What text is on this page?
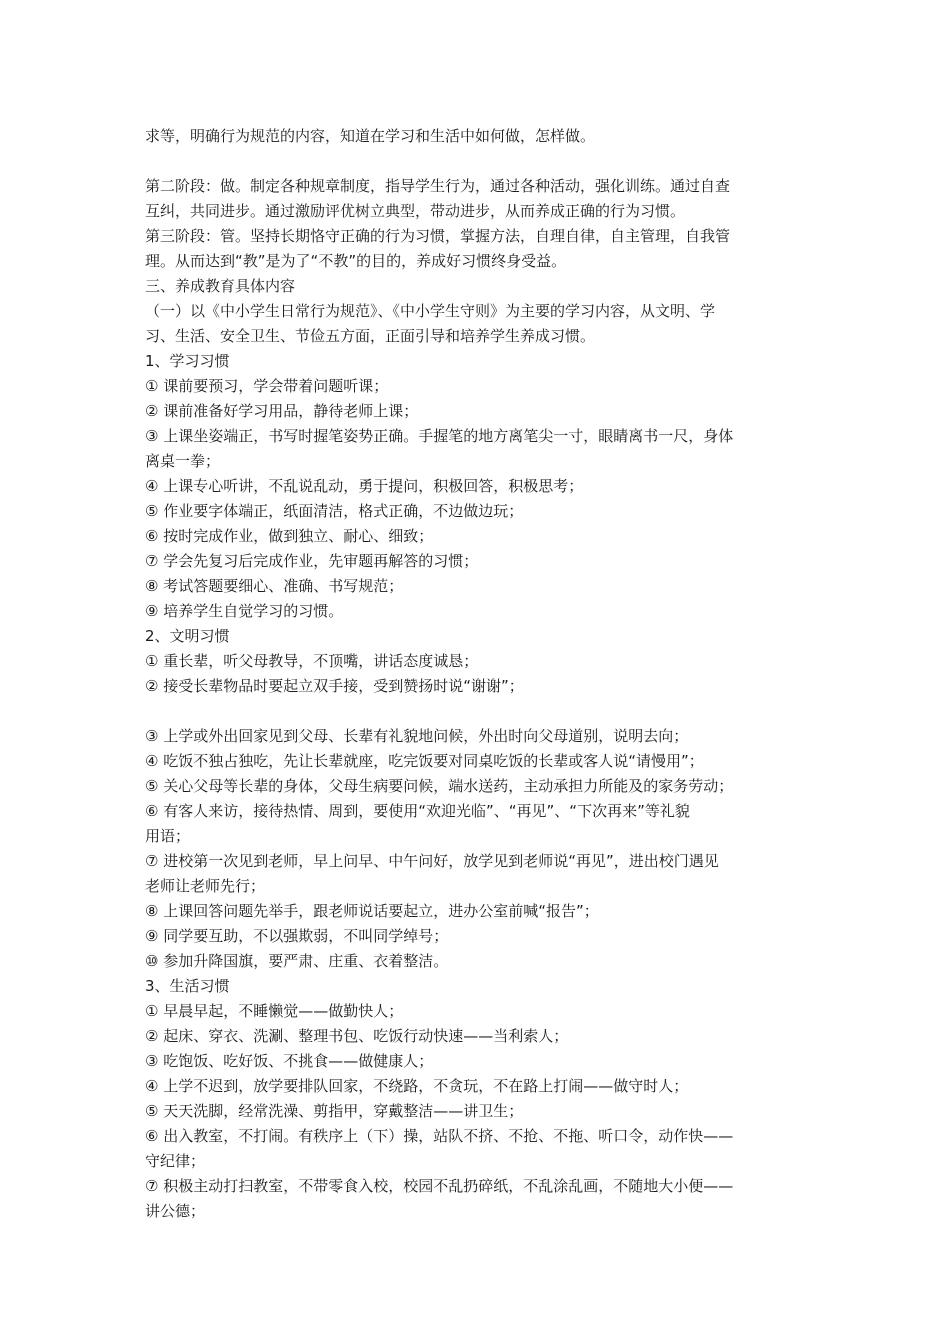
求等，明确行为规范的内容，知道在学习和生活中如何做，怎样做。
第二阶段：做。制定各种规章制度，指导学生行为，通过各种活动，强化训练。通过自查
互纠，共同进步。通过激励评优树立典型，带动进步，从而养成正确的行为习惯。
第三阶段：管。坚持长期恪守正确的行为习惯，掌握方法，自理自律，自主管理，自我管
理。从而达到“教”是为了“不教”的目的，养成好习惯终身受益。
三、养成教育具体内容
（一）以《中小学生日常行为规范》、《中小学生守则》为主要的学习内容，从文明、学
习、生活、安全卫生、节俭五方面，正面引导和培养学生养成习惯。
1、学习习惯
① 课前要预习，学会带着问题听课；
② 课前准备好学习用品，静待老师上课；
③ 上课坐姿端正，书写时握笔姿势正确。手握笔的地方离笔尖一寸，眼睛离书一尺，身体
离桌一拳；
④ 上课专心听讲，不乱说乱动，勇于提问，积极回答，积极思考；
⑤ 作业要字体端正，纸面清洁，格式正确，不边做边玩；
⑥ 按时完成作业，做到独立、耐心、细致；
⑦ 学会先复习后完成作业，先审题再解答的习惯；
⑧ 考试答题要细心、准确、书写规范；
⑨ 培养学生自觉学习的习惯。
2、文明习惯
① 重长辈，听父母教导，不顶嘴，讲话态度诚恳；
② 接受长辈物品时要起立双手接，受到赞扬时说“谢谢”；
③ 上学或外出回家见到父母、长辈有礼貌地问候，外出时向父母道别，说明去向；
④ 吃饭不独占独吃，先让长辈就座，吃完饭要对同桌吃饭的长辈或客人说“请慢用”；
⑤ 关心父母等长辈的身体，父母生病要问候，端水送药，主动承担力所能及的家务劳动；
⑥ 有客人来访，接待热情、周到，要使用“欢迎光临”、“再见”、“下次再来”等礼貌
用语；
⑦ 进校第一次见到老师，早上问早、中午问好，放学见到老师说“再见”，进出校门遇见
老师让老师先行；
⑧ 上课回答问题先举手，跟老师说话要起立，进办公室前喊“报告”；
⑨ 同学要互助，不以强欺弱，不叫同学绰号；
⑩ 参加升降国旗，要严肃、庄重、衣着整洁。
3、生活习惯
① 早晨早起，不睡懒觉——做勤快人；
② 起床、穿衣、洗涮、整理书包、吃饭行动快速——当利索人；
③ 吃饱饭、吃好饭、不挑食——做健康人；
④ 上学不迟到，放学要排队回家，不绕路，不贪玩，不在路上打闹——做守时人；
⑤ 天天洗脚，经常洗澡、剪指甲，穿戴整洁——讲卫生；
⑥ 出入教室，不打闹。有秩序上（下）操，站队不挤、不抢、不拖、听口令，动作快——
守纪律；
⑦ 积极主动打扫教室，不带零食入校，校园不乱扔碎纸，不乱涂乱画，不随地大小便——
讲公德；
